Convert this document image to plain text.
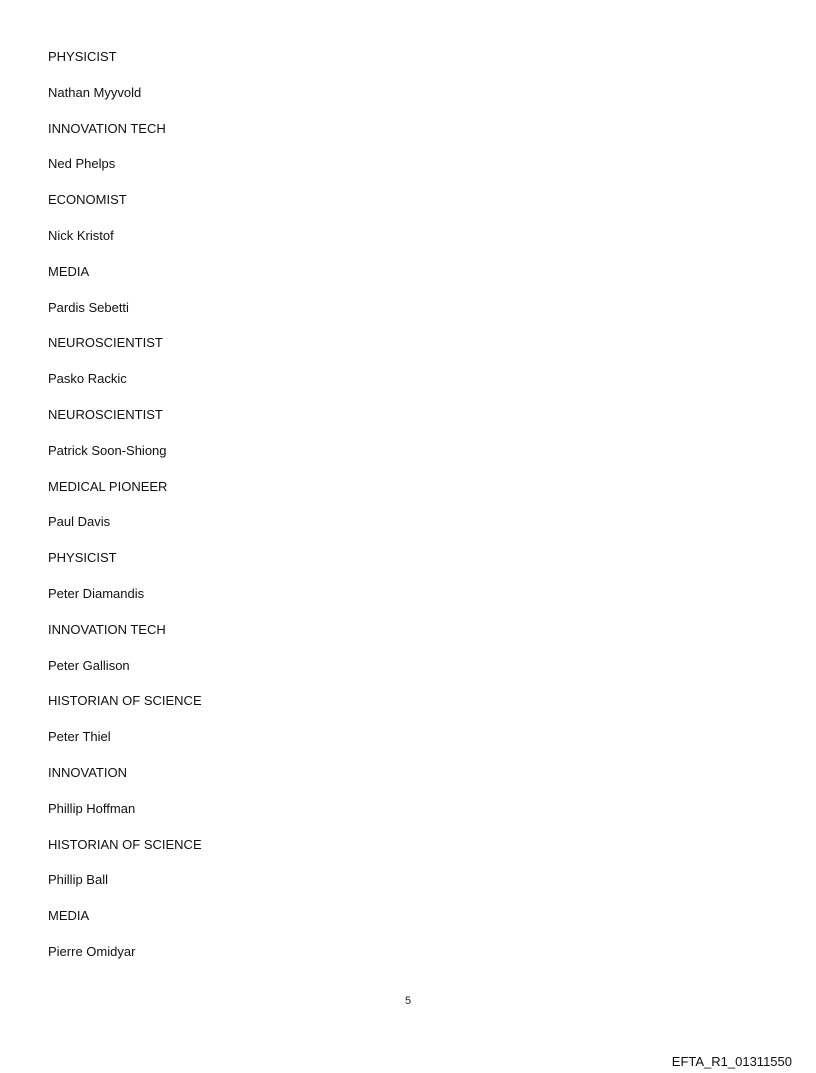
PHYSICIST
Nathan Myyvold
INNOVATION TECH
Ned Phelps
ECONOMIST
Nick Kristof
MEDIA
Pardis Sebetti
NEUROSCIENTIST
Pasko Rackic
NEUROSCIENTIST
Patrick Soon-Shiong
MEDICAL PIONEER
Paul Davis
PHYSICIST
Peter Diamandis
INNOVATION TECH
Peter Gallison
HISTORIAN OF SCIENCE
Peter Thiel
INNOVATION
Phillip Hoffman
HISTORIAN OF SCIENCE
Phillip Ball
MEDIA
Pierre Omidyar
5
EFTA_R1_01311550
